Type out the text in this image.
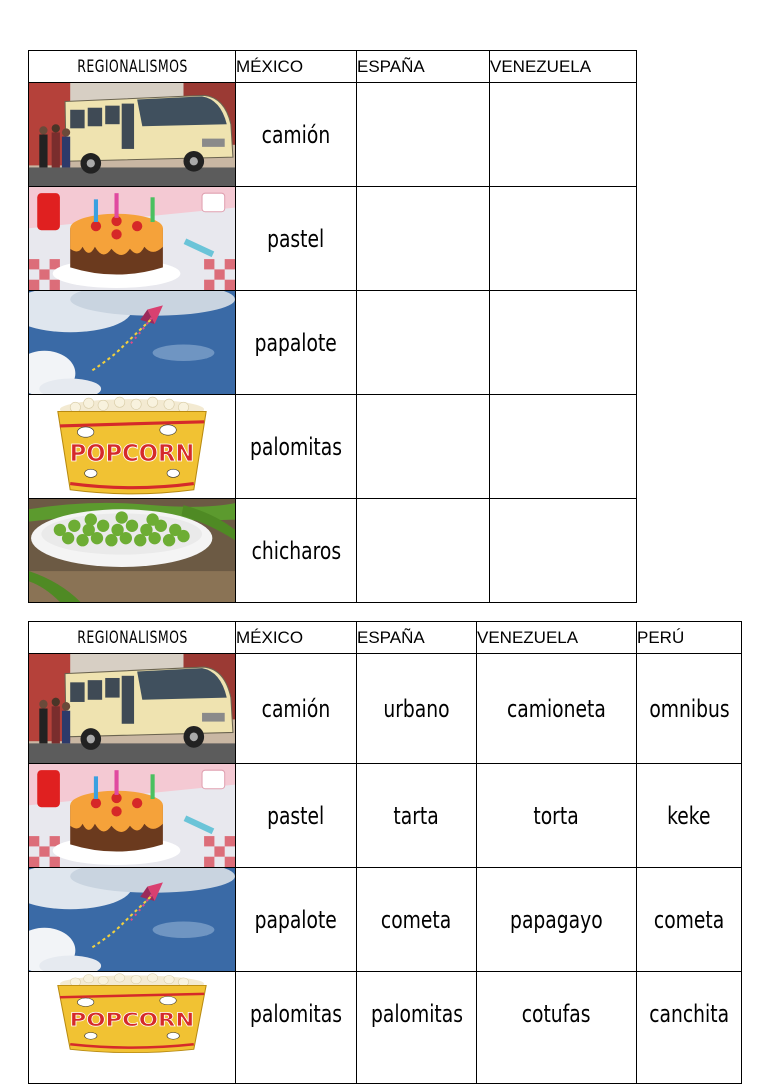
REGIONALISMOS	MÉXICO	ESPAÑA	VENEZUELA

	camión		

	pastel		

	papalote		

POPCORN	palomitas		

	chicharos		
REGIONALISMOS	MÉXICO	ESPAÑA	VENEZUELA	PERÚ

	camión	urbano	camioneta	omnibus

	pastel	tarta	torta	keke

	papalote	cometa	papagayo	cometa

POPCORN	palomitas	palomitas	cotufas	canchita
